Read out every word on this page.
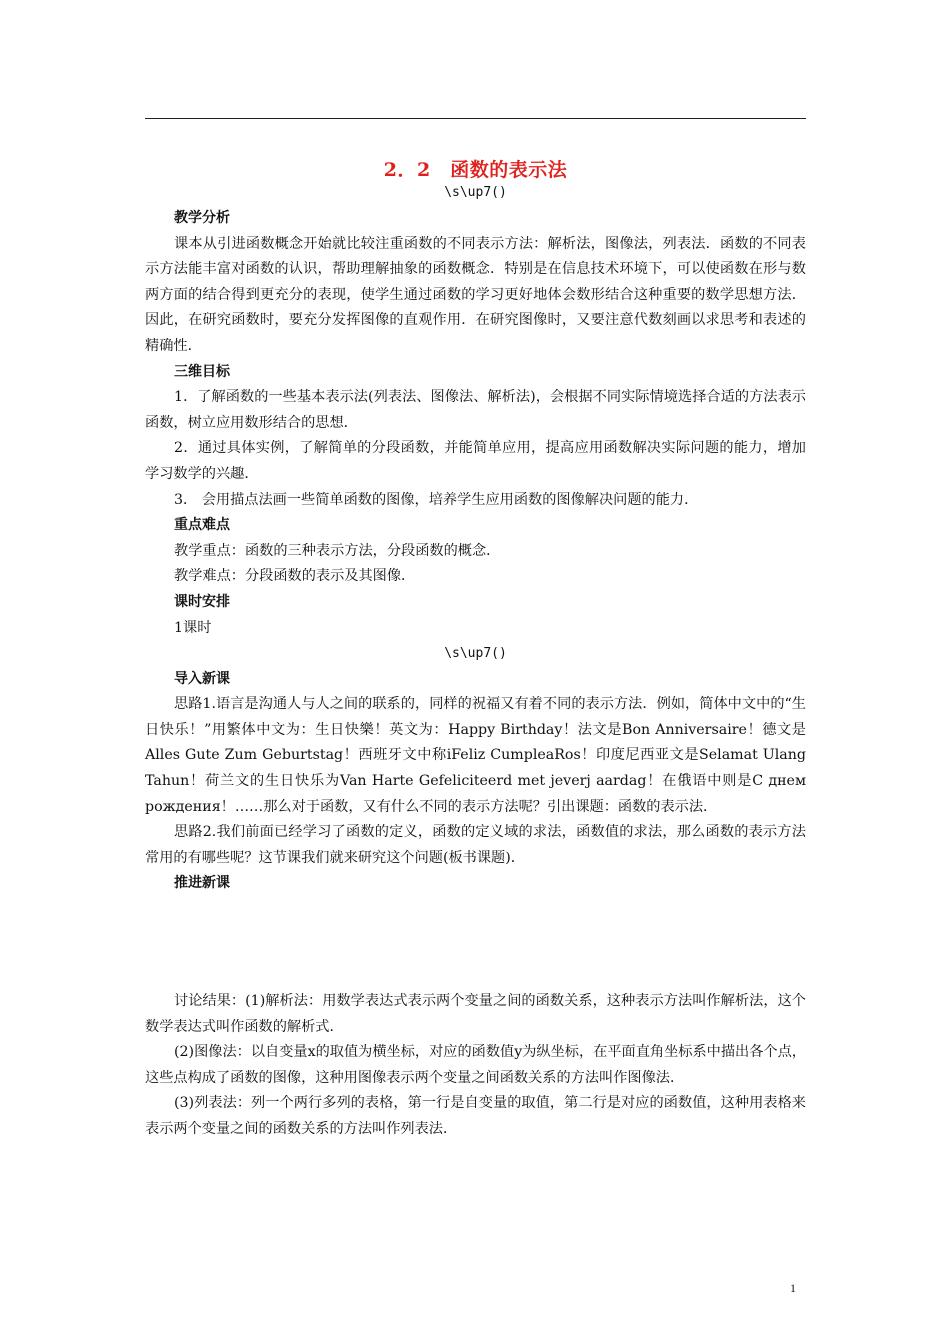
2．2　函数的表示法
\s\up7()
教学分析

课本从引进函数概念开始就比较注重函数的不同表示方法：解析法，图像法，列表法．函数的不同表示方法能丰富对函数的认识，帮助理解抽象的函数概念．特别是在信息技术环境下，可以使函数在形与数两方面的结合得到更充分的表现，使学生通过函数的学习更好地体会数形结合这种重要的数学思想方法．因此，在研究函数时，要充分发挥图像的直观作用．在研究图像时，又要注意代数刻画以求思考和表述的精确性．

三维目标

1．了解函数的一些基本表示法(列表法、图像法、解析法)，会根据不同实际情境选择合适的方法表示函数，树立应用数形结合的思想．

2．通过具体实例，了解简单的分段函数，并能简单应用，提高应用函数解决实际问题的能力，增加学习数学的兴趣．

3． 会用描点法画一些简单函数的图像，培养学生应用函数的图像解决问题的能力．

重点难点

教学重点：函数的三种表示方法，分段函数的概念．

教学难点：分段函数的表示及其图像．

课时安排

1课时

\s\up7()
导入新课

思路1.语言是沟通人与人之间的联系的，同样的祝福又有着不同的表示方法．例如，简体中文中的“生日快乐！”用繁体中文为：生日快樂！英文为：Happy Birthday！法文是Bon Anniversaire！德文是Alles Gute Zum Geburtstag！西班牙文中称iFeliz CumpleaRos！印度尼西亚文是Selamat Ulang Tahun！荷兰文的生日快乐为Van Harte Gefeliciteerd met jeverj aardag！在俄语中则是С днем рождения！……那么对于函数，又有什么不同的表示方法呢？引出课题：函数的表示法．

思路2.我们前面已经学习了函数的定义，函数的定义域的求法，函数值的求法，那么函数的表示方法常用的有哪些呢？这节课我们就来研究这个问题(板书课题)．

推进新课

讨论结果：(1)解析法：用数学表达式表示两个变量之间的函数关系，这种表示方法叫作解析法，这个数学表达式叫作函数的解析式．

(2)图像法：以自变量x的取值为横坐标，对应的函数值y为纵坐标，在平面直角坐标系中描出各个点，这些点构成了函数的图像，这种用图像表示两个变量之间函数关系的方法叫作图像法．

(3)列表法：列一个两行多列的表格，第一行是自变量的取值，第二行是对应的函数值，这种用表格来表示两个变量之间的函数关系的方法叫作列表法．

1
